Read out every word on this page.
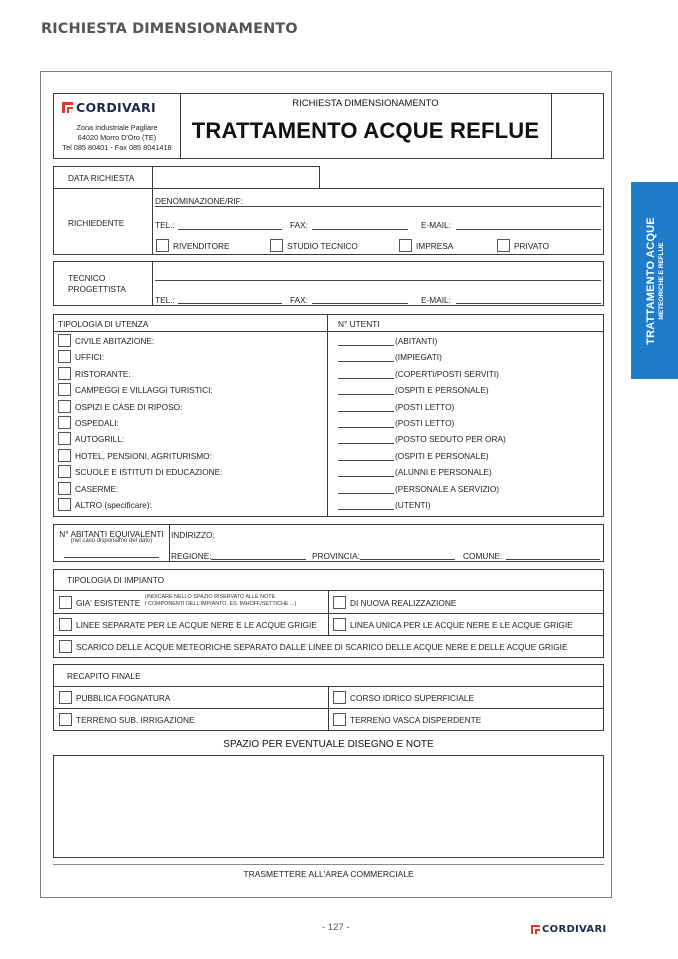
RICHIESTA DIMENSIONAMENTO
TRATTAMENTO ACQUE METEORICHE E REFLUE
CORDIVARI
Zona Industriale Pagliare
64020 Morro D'Oro (TE)
Tel 085 80401 - Fax 085 8041418
RICHIESTA DIMENSIONAMENTO
TRATTAMENTO ACQUE REFLUE
DATA RICHIESTA
RICHIEDENTE
DENOMINAZIONE/RIF:
TEL.:	FAX:	E-MAIL:
RIVENDITORE	STUDIO TECNICO	IMPRESA	PRIVATO
TECNICO
PROGETTISTA
TEL.:	FAX:	E-MAIL:
TIPOLOGIA DI UTENZA	N° UTENTI
CIVILE ABITAZIONE:	(ABITANTI)
UFFICI:	(IMPIEGATI)
RISTORANTE:	(COPERTI/POSTI SERVITI)
CAMPEGGI E VILLAGGI TURISTICI:	(OSPITI E PERSONALE)
OSPIZI E CASE DI RIPOSO:	(POSTI LETTO)
OSPEDALI:	(POSTI LETTO)
AUTOGRILL:	(POSTO SEDUTO PER ORA)
HOTEL, PENSIONI, AGRITURISMO:	(OSPITI E PERSONALE)
SCUOLE E ISTITUTI DI EDUCAZIONE:	(ALUNNI E PERSONALE)
CASERME:	(PERSONALE A SERVIZIO)
ALTRO (specificare):	(UTENTI)
N° ABITANTI EQUIVALENTI
(nel caso disponiamo del dato)
INDIRIZZO:
REGIONE:	PROVINCIA:	COMUNE:
TIPOLOGIA DI IMPIANTO
GIA' ESISTENTE
(INDICARE NELLO SPAZIO RISERVATO ALLE NOTE
I COMPONENTI DELL'IMPIANTO, ES. IMHOFF/SETTICHE ...)	DI NUOVA REALIZZAZIONE
LINEE SEPARATE PER LE ACQUE NERE E LE ACQUE GRIGIE	LINEA UNICA PER LE ACQUE NERE E LE ACQUE GRIGIE
SCARICO DELLE ACQUE METEORICHE SEPARATO DALLE LINEE DI SCARICO DELLE ACQUE NERE E DELLE ACQUE GRIGIE
RECAPITO FINALE
PUBBLICA FOGNATURA	CORSO IDRICO SUPERFICIALE
TERRENO SUB. IRRIGAZIONE	TERRENO VASCA DISPERDENTE
SPAZIO PER EVENTUALE DISEGNO E NOTE
TRASMETTERE ALL'AREA COMMERCIALE
- 127 -	CORDIVARI
